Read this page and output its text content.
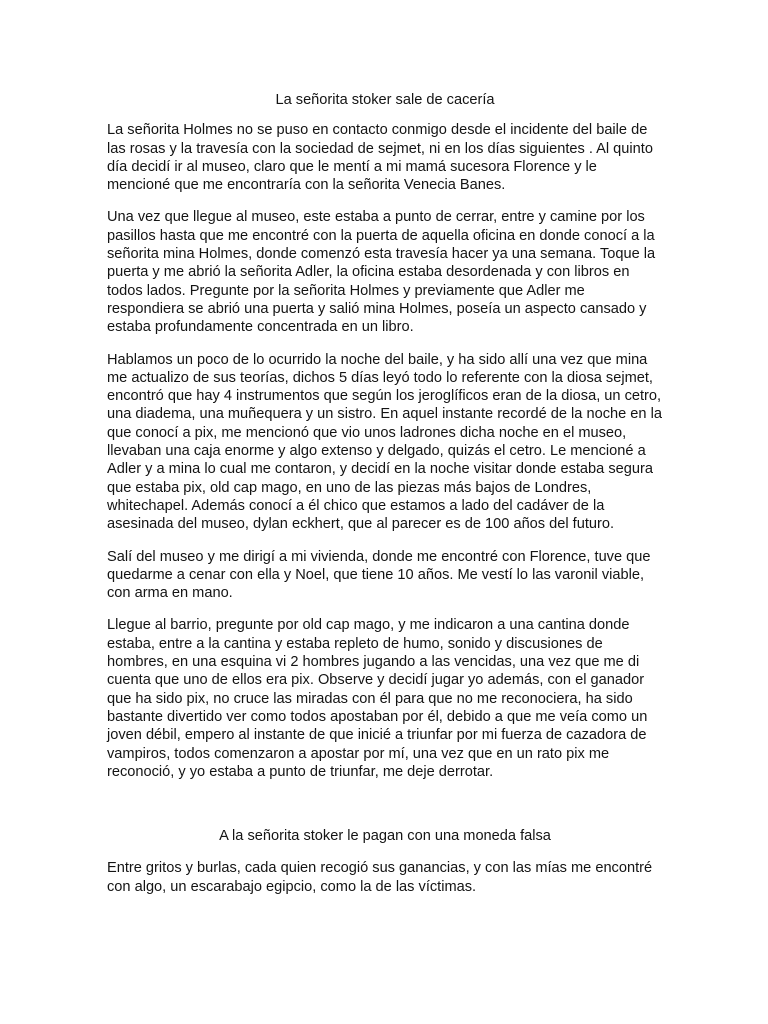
La señorita stoker sale de cacería

La señorita Holmes no se puso en contacto conmigo desde el incidente del baile de las rosas y la travesía con la sociedad de sejmet, ni en los días siguientes . Al quinto día decidí ir al museo, claro que le mentí a mi mamá sucesora Florence y le mencioné que me encontraría con la señorita Venecia Banes.

Una vez que llegue al museo, este estaba a punto de cerrar, entre y camine por los pasillos hasta que me encontré con la puerta de aquella oficina en donde conocí a la señorita mina Holmes, donde comenzó esta travesía hacer ya una semana. Toque la puerta y me abrió la señorita Adler, la oficina estaba desordenada y con libros en todos lados. Pregunte por la señorita Holmes y previamente que Adler me respondiera se abrió una puerta y salió mina Holmes, poseía un aspecto cansado y estaba profundamente concentrada en un libro.

Hablamos un poco de lo ocurrido la noche del baile, y ha sido allí una vez que mina me actualizo de sus teorías, dichos 5 días leyó todo lo referente con la diosa sejmet, encontró que hay 4 instrumentos que según los jeroglíficos eran de la diosa, un cetro, una diadema, una muñequera y un sistro. En aquel instante recordé de la noche en la que conocí a pix, me mencionó que vio unos ladrones dicha noche en el museo, llevaban una caja enorme y algo extenso y delgado, quizás el cetro. Le mencioné a Adler y a mina lo cual me contaron, y decidí en la noche visitar donde estaba segura que estaba pix, old cap mago, en uno de las piezas más bajos de Londres, whitechapel. Además conocí a él chico que estamos a lado del cadáver de la asesinada del museo, dylan eckhert, que al parecer es de 100 años del futuro.

Salí del museo y me dirigí a mi vivienda, donde me encontré con Florence, tuve que quedarme a cenar con ella y Noel, que tiene 10 años. Me vestí lo las varonil viable, con arma en mano.

Llegue al barrio, pregunte por old cap mago, y me indicaron a una cantina donde estaba, entre a la cantina y estaba repleto de humo, sonido y discusiones de hombres, en una esquina vi 2 hombres jugando a las vencidas, una vez que me di cuenta que uno de ellos era pix. Observe y decidí jugar yo además, con el ganador que ha sido pix, no cruce las miradas con él para que no me reconociera, ha sido bastante divertido ver como todos apostaban por él, debido a que me veía como un joven débil, empero al instante de que inicié a triunfar por mi fuerza de cazadora de vampiros, todos comenzaron a apostar por mí, una vez que en un rato pix me reconoció, y yo estaba a punto de triunfar, me deje derrotar.

A la señorita stoker le pagan con una moneda falsa

Entre gritos y burlas, cada quien recogió sus ganancias, y con las mías me encontré con algo, un escarabajo egipcio, como la de las víctimas.
